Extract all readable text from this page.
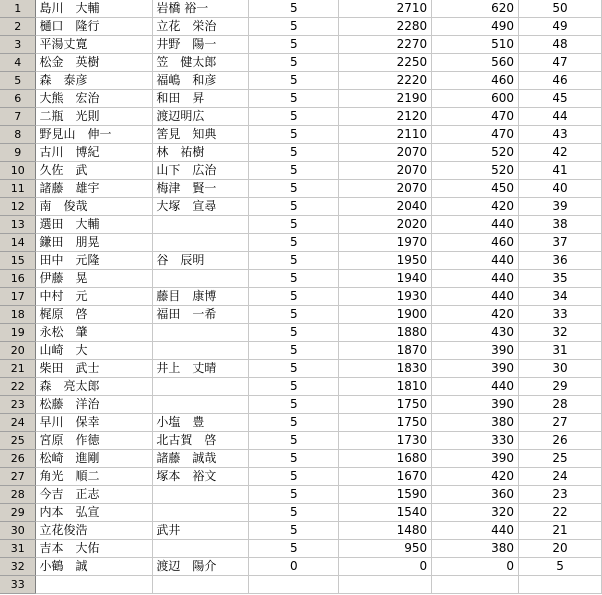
1	島川　大輔	岩橋 裕一	5	2710	620	50
2	樋口　隆行	立花　栄治	5	2280	490	49
3	平湯丈寛	井野　陽一	5	2270	510	48
4	松金　英樹	笠　健太郎	5	2250	560	47
5	森　泰彦	福嶋　和彦	5	2220	460	46
6	大熊　宏治	和田　昇	5	2190	600	45
7	二瓶　光則	渡辺明広	5	2120	470	44
8	野見山　伸一	筈見　知典	5	2110	470	43
9	古川　博紀	林　祐樹	5	2070	520	42
10	久佐　武	山下　広治	5	2070	520	41
11	諸藤　雄宇	梅津　賢一	5	2070	450	40
12	南　俊哉	大塚　宣尋	5	2040	420	39
13	選田　大輔		5	2020	440	38
14	鎌田　朋晃		5	1970	460	37
15	田中　元隆	谷　辰明	5	1950	440	36
16	伊藤　晃		5	1940	440	35
17	中村　元	藤目　康博	5	1930	440	34
18	梶原　啓	福田　一希	5	1900	420	33
19	永松　肇		5	1880	430	32
20	山崎　大		5	1870	390	31
21	柴田　武士	井上　丈晴	5	1830	390	30
22	森　亮太郎		5	1810	440	29
23	松藤　洋治		5	1750	390	28
24	早川　保幸	小塩　豊	5	1750	380	27
25	宮原　作徳	北古賀　啓	5	1730	330	26
26	松崎　進剛	諸藤　誠哉	5	1680	390	25
27	角光　順二	塚本　裕文	5	1670	420	24
28	今吉　正志		5	1590	360	23
29	内本　弘宣		5	1540	320	22
30	立花俊浩	武井	5	1480	440	21
31	吉本　大佑		5	950	380	20
32	小鶴　誠	渡辺　陽介	0	0	0	5
33						
